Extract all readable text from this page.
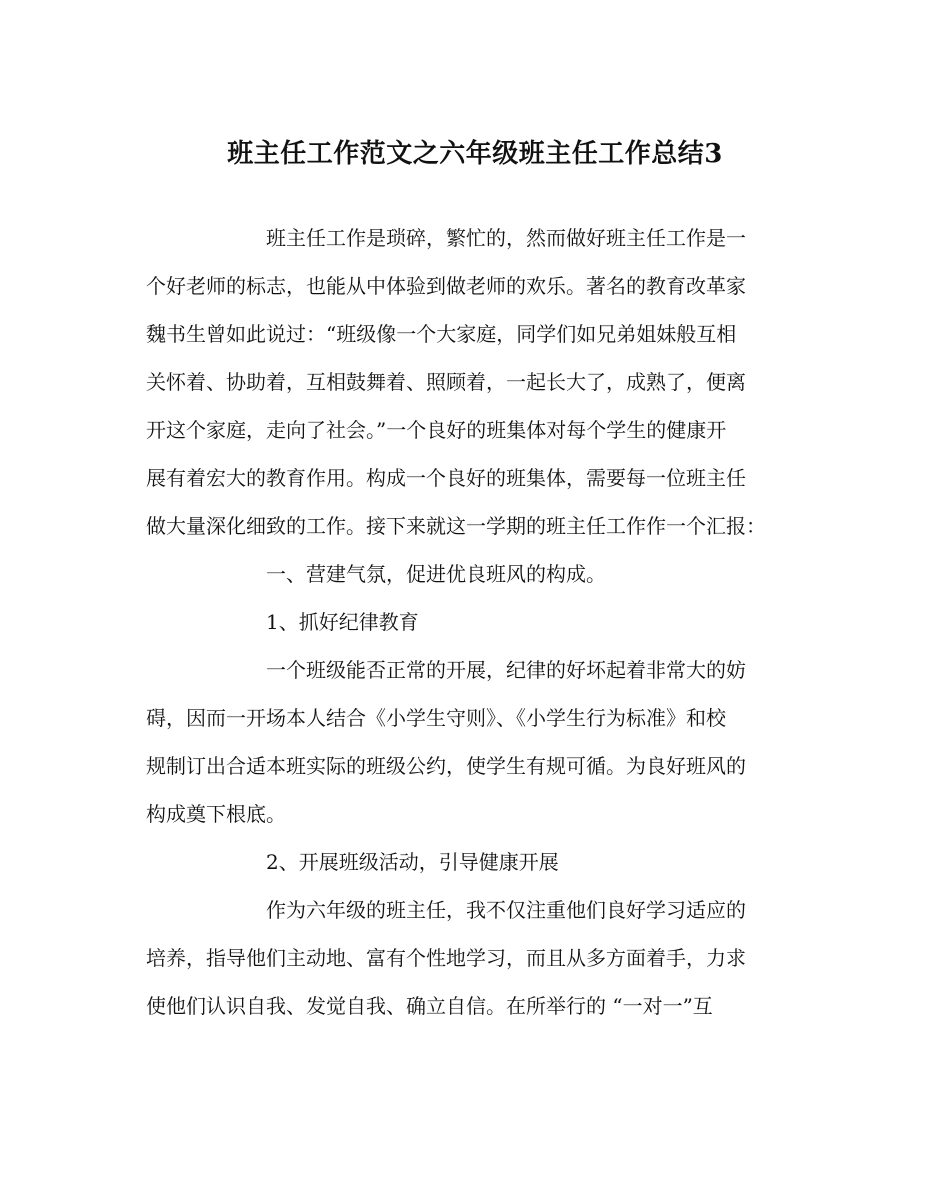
班主任工作范文之六年级班主任工作总结3
班主任工作是琐碎，繁忙的，然而做好班主任工作是一
个好老师的标志，也能从中体验到做老师的欢乐。著名的教育改革家
魏书生曾如此说过：“班级像一个大家庭，同学们如兄弟姐妹般互相
关怀着、协助着，互相鼓舞着、照顾着，一起长大了，成熟了，便离
开这个家庭，走向了社会。”一个良好的班集体对每个学生的健康开
展有着宏大的教育作用。构成一个良好的班集体，需要每一位班主任
做大量深化细致的工作。接下来就这一学期的班主任工作作一个汇报：
一、营建气氛，促进优良班风的构成。
1、抓好纪律教育
一个班级能否正常的开展，纪律的好坏起着非常大的妨
碍，因而一开场本人结合《小学生守则》、《小学生行为标准》和校
规制订出合适本班实际的班级公约，使学生有规可循。为良好班风的
构成奠下根底。
2、开展班级活动，引导健康开展
作为六年级的班主任，我不仅注重他们良好学习适应的
培养，指导他们主动地、富有个性地学习，而且从多方面着手，力求
使他们认识自我、发觉自我、确立自信。在所举行的 “一对一”互
